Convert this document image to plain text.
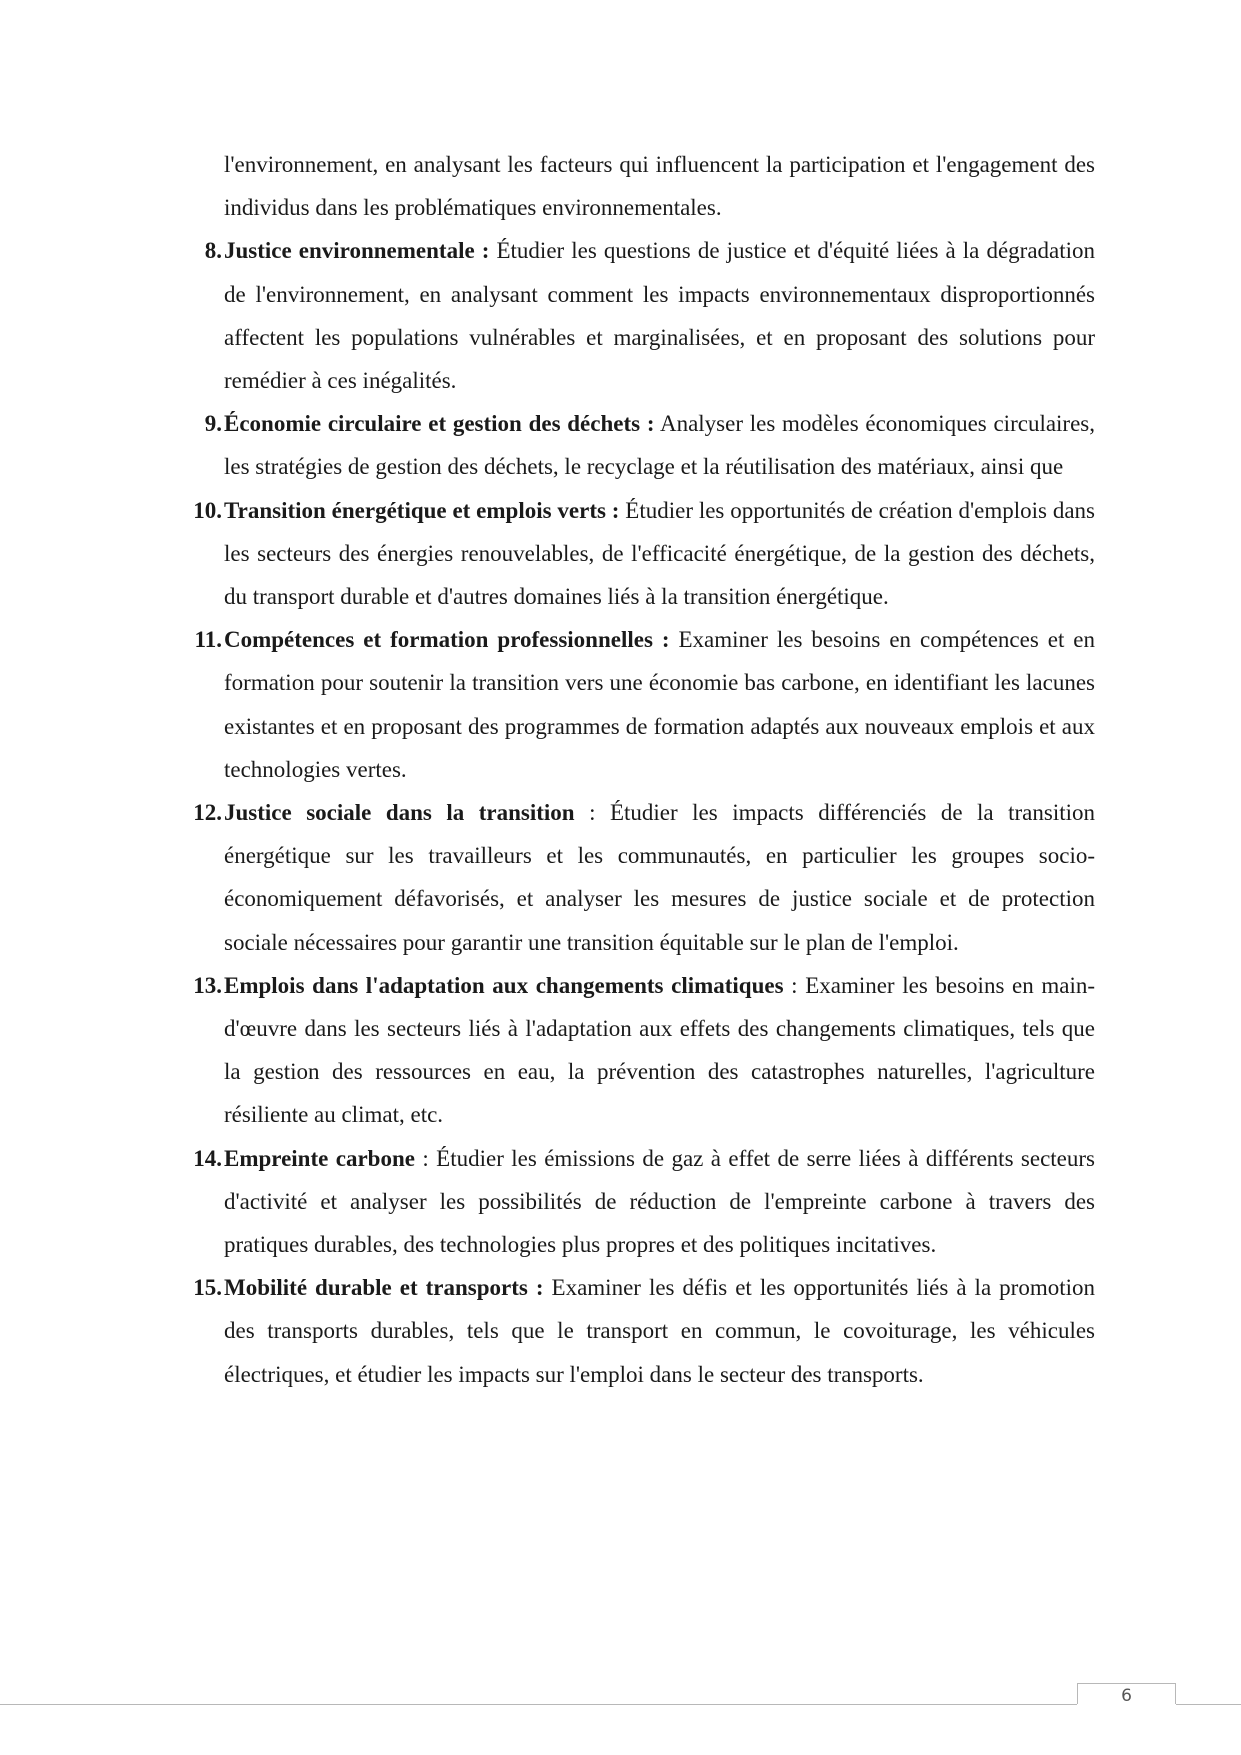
l'environnement, en analysant les facteurs qui influencent la participation et l'engagement des individus dans les problématiques environnementales.
8. Justice environnementale : Étudier les questions de justice et d'équité liées à la dégradation de l'environnement, en analysant comment les impacts environnementaux disproportionnés affectent les populations vulnérables et marginalisées, et en proposant des solutions pour remédier à ces inégalités.
9. Économie circulaire et gestion des déchets : Analyser les modèles économiques circulaires, les stratégies de gestion des déchets, le recyclage et la réutilisation des matériaux, ainsi que
10. Transition énergétique et emplois verts : Étudier les opportunités de création d'emplois dans les secteurs des énergies renouvelables, de l'efficacité énergétique, de la gestion des déchets, du transport durable et d'autres domaines liés à la transition énergétique.
11. Compétences et formation professionnelles : Examiner les besoins en compétences et en formation pour soutenir la transition vers une économie bas carbone, en identifiant les lacunes existantes et en proposant des programmes de formation adaptés aux nouveaux emplois et aux technologies vertes.
12. Justice sociale dans la transition : Étudier les impacts différenciés de la transition énergétique sur les travailleurs et les communautés, en particulier les groupes socio-économiquement défavorisés, et analyser les mesures de justice sociale et de protection sociale nécessaires pour garantir une transition équitable sur le plan de l'emploi.
13. Emplois dans l'adaptation aux changements climatiques : Examiner les besoins en main-d'œuvre dans les secteurs liés à l'adaptation aux effets des changements climatiques, tels que la gestion des ressources en eau, la prévention des catastrophes naturelles, l'agriculture résiliente au climat, etc.
14. Empreinte carbone : Étudier les émissions de gaz à effet de serre liées à différents secteurs d'activité et analyser les possibilités de réduction de l'empreinte carbone à travers des pratiques durables, des technologies plus propres et des politiques incitatives.
15. Mobilité durable et transports : Examiner les défis et les opportunités liés à la promotion des transports durables, tels que le transport en commun, le covoiturage, les véhicules électriques, et étudier les impacts sur l'emploi dans le secteur des transports.
6
